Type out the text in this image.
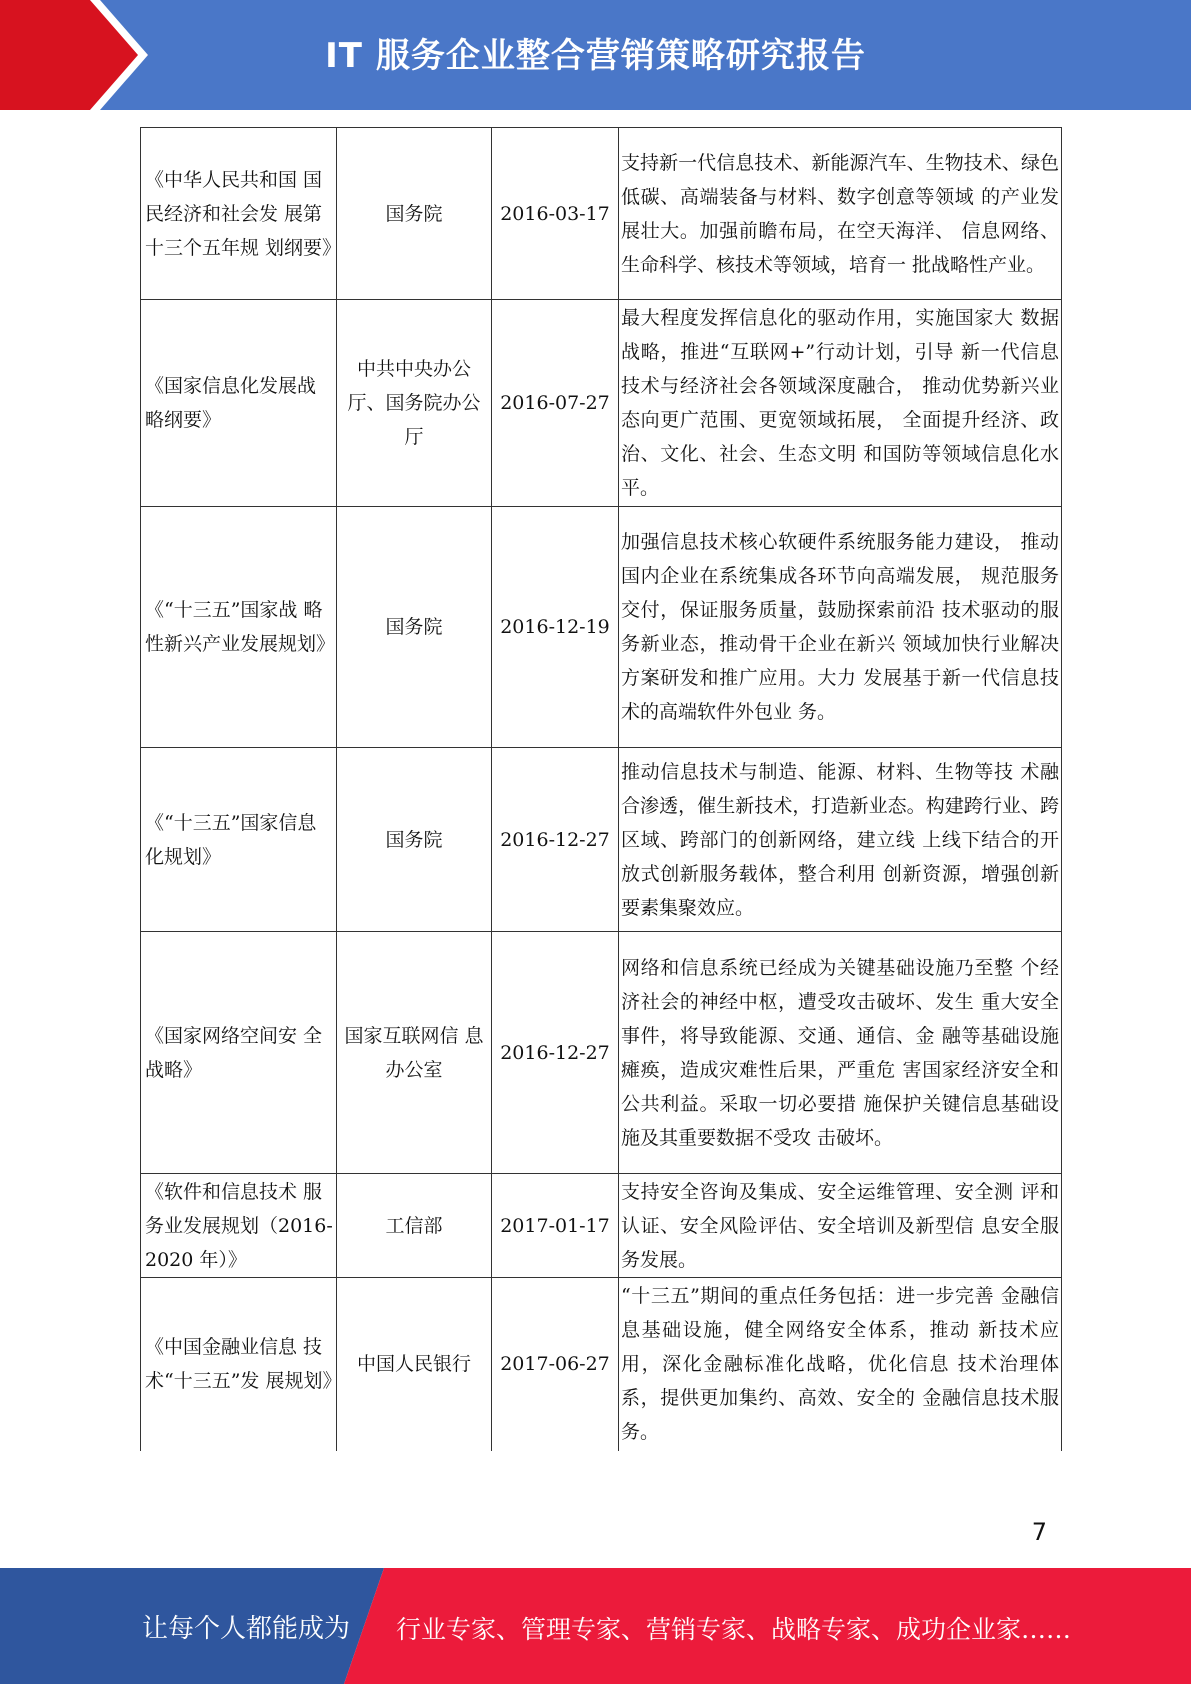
IT 服务企业整合营销策略研究报告
《中华人民共和国 国民经济和社会发 展第十三个五年规 划纲要》	国务院	2016-03-17	支持新一代信息技术、新能源汽车、生物技术、绿色低碳、高端装备与材料、数字创意等领域 的产业发展壮大。加强前瞻布局，在空天海洋、 信息网络、生命科学、核技术等领域，培育一 批战略性产业。
《国家信息化发展战略纲要》	中共中央办公厅、国务院办公厅	2016-07-27	最大程度发挥信息化的驱动作用，实施国家大 数据战略，推进“互联网+”行动计划，引导 新一代信息技术与经济社会各领域深度融合， 推动优势新兴业态向更广范围、更宽领域拓展， 全面提升经济、政治、文化、社会、生态文明 和国防等领域信息化水平。
《“十三五”国家战 略性新兴产业发展规划》	国务院	2016-12-19	加强信息技术核心软硬件系统服务能力建设， 推动国内企业在系统集成各环节向高端发展， 规范服务交付，保证服务质量，鼓励探索前沿 技术驱动的服务新业态，推动骨干企业在新兴 领域加快行业解决方案研发和推广应用。大力 发展基于新一代信息技术的高端软件外包业 务。
《“十三五”国家信息化规划》	国务院	2016-12-27	推动信息技术与制造、能源、材料、生物等技 术融合渗透，催生新技术，打造新业态。构建跨行业、跨区域、跨部门的创新网络，建立线 上线下结合的开放式创新服务载体，整合利用 创新资源，增强创新要素集聚效应。
《国家网络空间安 全战略》	国家互联网信 息办公室	2016-12-27	网络和信息系统已经成为关键基础设施乃至整 个经济社会的神经中枢，遭受攻击破坏、发生 重大安全事件，将导致能源、交通、通信、金 融等基础设施瘫痪，造成灾难性后果，严重危 害国家经济安全和公共利益。采取一切必要措 施保护关键信息基础设施及其重要数据不受攻 击破坏。
《软件和信息技术 服务业发展规划（2016-2020 年）》	工信部	2017-01-17	支持安全咨询及集成、安全运维管理、安全测 评和认证、安全风险评估、安全培训及新型信 息安全服务发展。
《中国金融业信息 技术“十三五”发 展规划》	中国人民银行	2017-06-27	“十三五”期间的重点任务包括：进一步完善 金融信息基础设施，健全网络安全体系，推动 新技术应用，深化金融标准化战略，优化信息 技术治理体系，提供更加集约、高效、安全的 金融信息技术服务。
7
让每个人都能成为 行业专家、管理专家、营销专家、战略专家、成功企业家……
